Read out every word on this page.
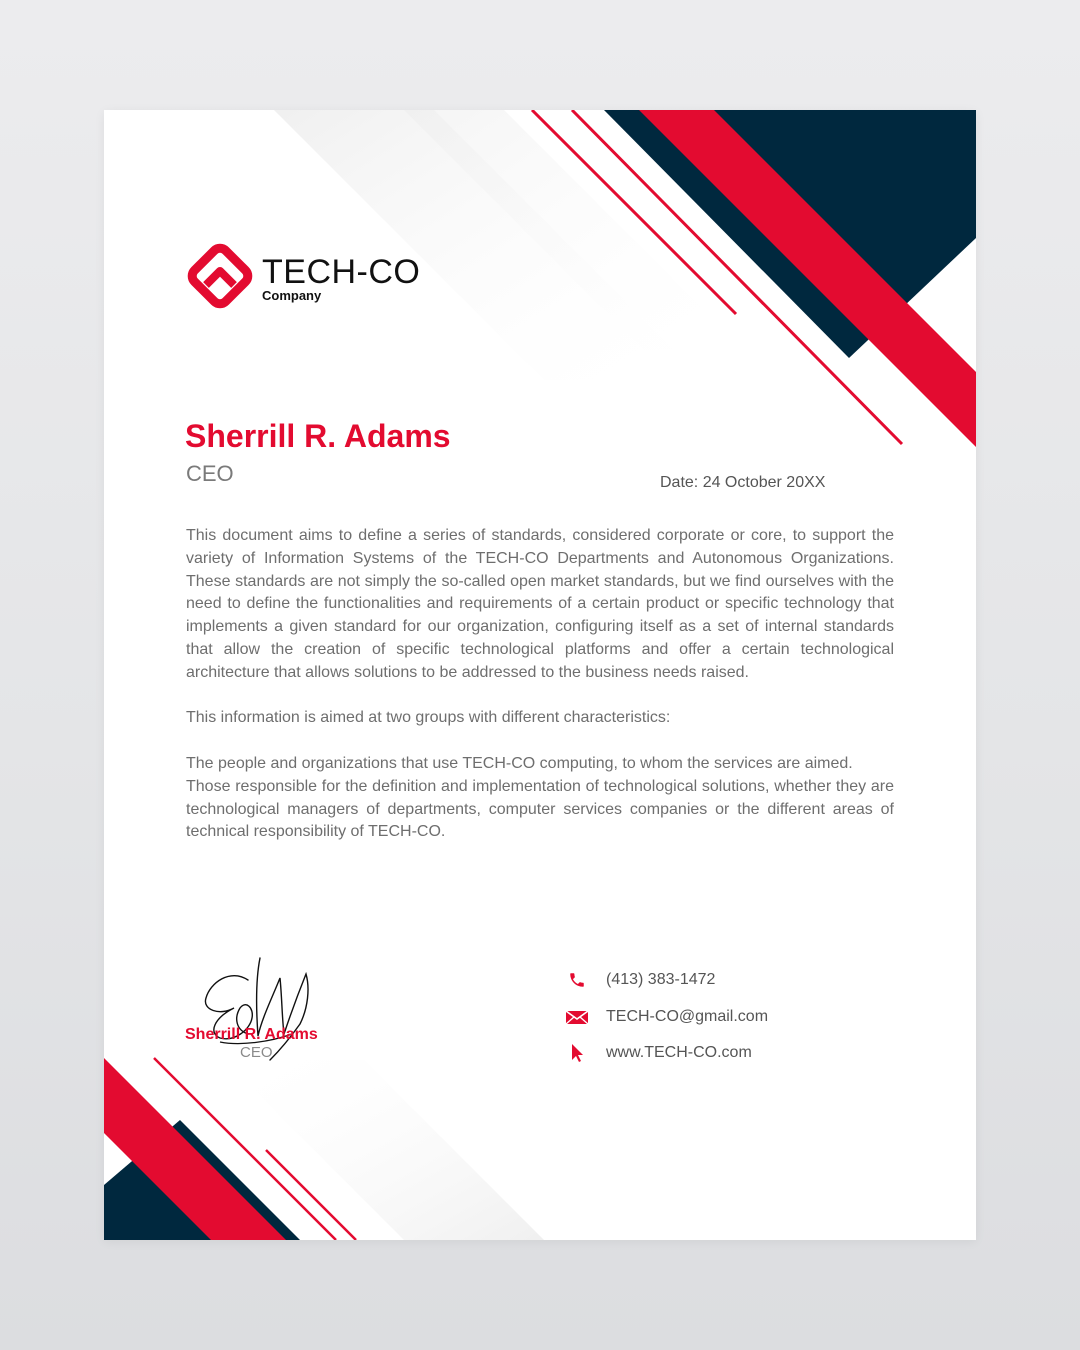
TECH-CO
Company
Sherrill R. Adams
CEO	Date: 24 October 20XX

This document aims to define a series of standards, considered corporate or core, to support the variety of Information Systems of the TECH-CO Departments and Autonomous Organizations. These standards are not simply the so-called open market standards, but we find ourselves with the need to define the functionalities and requirements of a certain product or specific technology that implements a given standard for our organization, configuring itself as a set of internal standards that allow the creation of specific technological platforms and offer a certain technological architecture that allows solutions to be addressed to the business needs raised.

This information is aimed at two groups with different characteristics:

The people and organizations that use TECH-CO computing, to whom the services are aimed.

Those responsible for the definition and implementation of technological solutions, whether they are technological managers of departments, computer services companies or the different areas of technical responsibility of TECH-CO.

Sherrill R. Adams
CEO
(413) 383-1472
TECH-CO@gmail.com
www.TECH-CO.com
